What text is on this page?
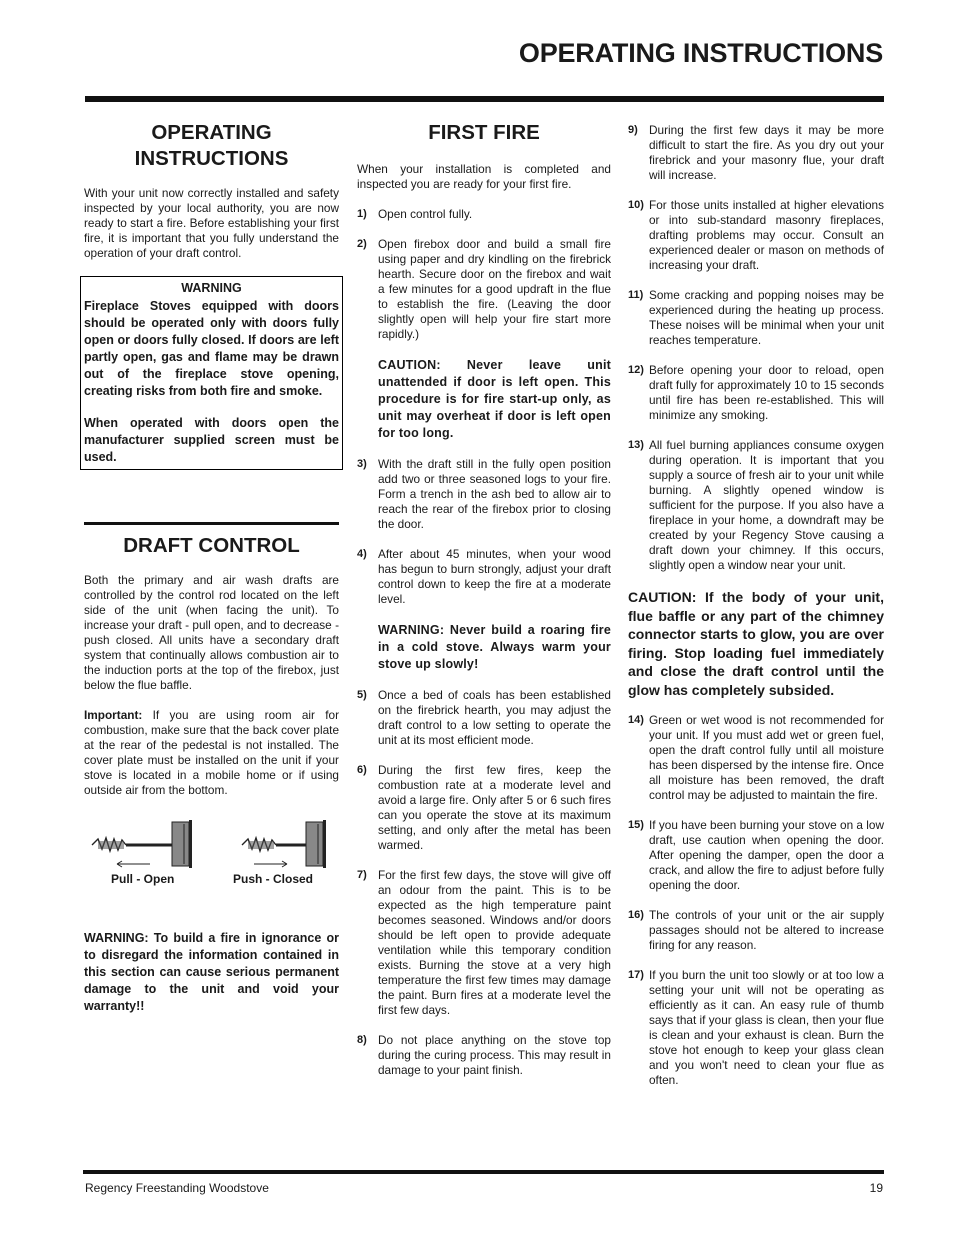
OPERATING INSTRUCTIONS
OPERATING INSTRUCTIONS

With your unit now correctly installed and safety inspected by your local authority, you are now ready to start a fire. Before establishing your first fire, it is important that you fully understand the operation of your draft control.

WARNING

Fireplace Stoves equipped with doors should be operated only with doors fully open or doors fully closed. If doors are left partly open, gas and flame may be drawn out of the fireplace stove opening, creating risks from both fire and smoke.

When operated with doors open the manufacturer supplied screen must be used.

DRAFT CONTROL

Both the primary and air wash drafts are controlled by the control rod located on the left side of the unit (when facing the unit). To increase your draft - pull open, and to decrease - push closed. All units have a secondary draft system that continually allows combustion air to the induction ports at the top of the firebox, just below the flue baffle.

Important: If you are using room air for combustion, make sure that the back cover plate at the rear of the pedestal is not installed. The cover plate must be installed on the unit if your stove is located in a mobile home or if using outside air from the bottom.

Pull - Open	Push - Closed

WARNING: To build a fire in ignorance or to disregard the information contained in this section can cause serious permanent damage to the unit and void your warranty!!

FIRST FIRE

When your installation is completed and inspected you are ready for your first fire.

1) Open control fully.
2) Open firebox door and build a small fire using paper and dry kindling on the firebrick hearth. Secure door on the firebox and wait a few minutes for a good updraft in the flue to establish the fire. (Leaving the door slightly open will help your fire start more rapidly.)
CAUTION: Never leave unit unattended if door is left open. This procedure is for fire start-up only, as unit may overheat if door is left open for too long.
3) With the draft still in the fully open position add two or three seasoned logs to your fire. Form a trench in the ash bed to allow air to reach the rear of the firebox prior to closing the door.
4) After about 45 minutes, when your wood has begun to burn strongly, adjust your draft control down to keep the fire at a moderate level.
WARNING: Never build a roaring fire in a cold stove. Always warm your stove up slowly!
5) Once a bed of coals has been established on the firebrick hearth, you may adjust the draft control to a low setting to operate the unit at its most efficient mode.
6) During the first few fires, keep the combustion rate at a moderate level and avoid a large fire. Only after 5 or 6 such fires can you operate the stove at its maximum setting, and only after the metal has been warmed.
7) For the first few days, the stove will give off an odour from the paint. This is to be expected as the high temperature paint becomes seasoned. Windows and/or doors should be left open to provide adequate ventilation while this temporary condition exists. Burning the stove at a very high temperature the first few times may damage the paint. Burn fires at a moderate level the first few days.
8) Do not place anything on the stove top during the curing process. This may result in damage to your paint finish.
9) During the first few days it may be more difficult to start the fire. As you dry out your firebrick and your masonry flue, your draft will increase.
10) For those units installed at higher elevations or into sub-standard masonry fireplaces, drafting problems may occur. Consult an experienced dealer or mason on methods of increasing your draft.
11) Some cracking and popping noises may be experienced during the heating up process. These noises will be minimal when your unit reaches temperature.
12) Before opening your door to reload, open draft fully for approximately 10 to 15 seconds until fire has been re-established. This will minimize any smoking.
13) All fuel burning appliances consume oxygen during operation. It is important that you supply a source of fresh air to your unit while burning. A slightly opened window is sufficient for the purpose. If you also have a fireplace in your home, a downdraft may be created by your Regency Stove causing a draft down your chimney. If this occurs, slightly open a window near your unit.

CAUTION: If the body of your unit, flue baffle or any part of the chimney connector starts to glow, you are over firing. Stop loading fuel immediately and close the draft control until the glow has completely subsided.

14) Green or wet wood is not recommended for your unit. If you must add wet or green fuel, open the draft control fully until all moisture has been dispersed by the intense fire. Once all moisture has been removed, the draft control may be adjusted to maintain the fire.
15) If you have been burning your stove on a low draft, use caution when opening the door. After opening the damper, open the door a crack, and allow the fire to adjust before fully opening the door.
16) The controls of your unit or the air supply passages should not be altered to increase firing for any reason.
17) If you burn the unit too slowly or at too low a setting your unit will not be operating as efficiently as it can. An easy rule of thumb says that if your glass is clean, then your flue is clean and your exhaust is clean. Burn the stove hot enough to keep your glass clean and you won't need to clean your flue as often.
Regency Freestanding Woodstove	19
